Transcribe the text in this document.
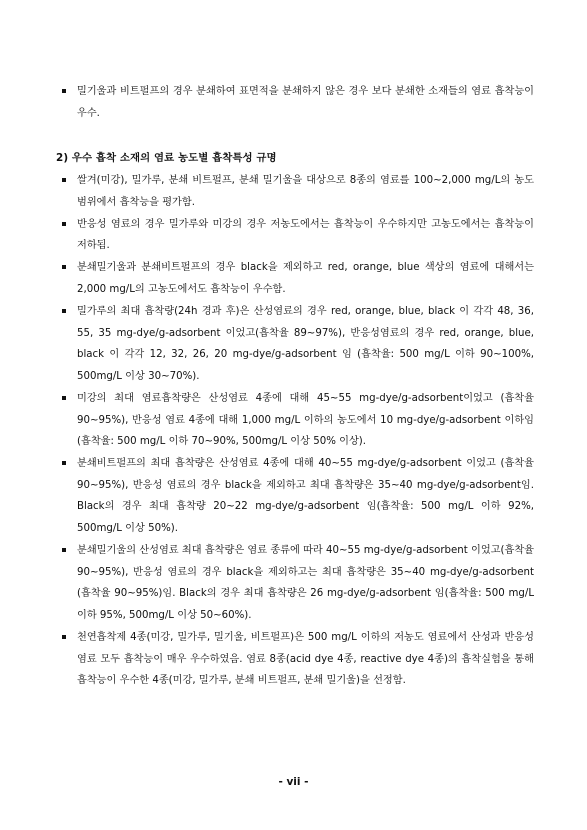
밀기울과 비트펄프의 경우 분쇄하여 표면적을 분쇄하지 않은 경우 보다 분쇄한 소재들의 염료 흡착능이 우수.
2) 우수 흡착 소재의 염료 농도별 흡착특성 규명
쌀겨(미강), 밀가루, 분쇄 비트펄프, 분쇄 밀기울을 대상으로 8종의 염료를 100~2,000 mg/L의 농도 범위에서 흡착능을 평가함.
반응성 염료의 경우 밀가루와 미강의 경우 저농도에서는 흡착능이 우수하지만 고농도에서는 흡착능이 저하됨.
분쇄밀기울과 분쇄비트펄프의 경우 black을 제외하고 red, orange, blue 색상의 염료에 대해서는 2,000 mg/L의 고농도에서도 흡착능이 우수함.
밀가루의 최대 흡착량(24h 경과 후)은 산성염료의 경우 red, orange, blue, black 이 각각 48, 36, 55, 35 mg-dye/g-adsorbent 이었고(흡착율 89~97%), 반응성염료의 경우 red, orange, blue, black 이 각각 12, 32, 26, 20 mg-dye/g-adsorbent 임 (흡착율: 500 mg/L 이하 90~100%, 500mg/L 이상 30~70%).
미강의 최대 염료흡착량은 산성염료 4종에 대해 45~55 mg-dye/g-adsorbent이었고 (흡착율 90~95%), 반응성 염료 4종에 대해 1,000 mg/L 이하의 농도에서 10 mg-dye/g-adsorbent 이하임(흡착율: 500 mg/L 이하 70~90%, 500mg/L 이상 50% 이상).
분쇄비트펄프의 최대 흡착량은 산성염료 4종에 대해 40~55 mg-dye/g-adsorbent 이었고 (흡착율 90~95%), 반응성 염료의 경우 black을 제외하고 최대 흡착량은 35~40 mg-dye/g-adsorbent임. Black의 경우 최대 흡착량 20~22 mg-dye/g-adsorbent 임(흡착율: 500 mg/L 이하 92%, 500mg/L 이상 50%).
분쇄밀기울의 산성염료 최대 흡착량은 염료 종류에 따라 40~55 mg-dye/g-adsorbent 이었고(흡착율 90~95%), 반응성 염료의 경우 black을 제외하고는 최대 흡착량은 35~40 mg-dye/g-adsorbent (흡착율 90~95%)임. Black의 경우 최대 흡착량은 26 mg-dye/g-adsorbent 임(흡착율: 500 mg/L 이하 95%, 500mg/L 이상 50~60%).
천연흡착제 4종(미강, 밀가루, 밀기울, 비트펄프)은 500 mg/L 이하의 저농도 염료에서 산성과 반응성 염료 모두 흡착능이 매우 우수하였음. 염료 8종(acid dye 4종, reactive dye 4종)의 흡착실험을 통해 흡착능이 우수한 4종(미강, 밀가루, 분쇄 비트펄프, 분쇄 밀기울)을 선정함.
- vii -
